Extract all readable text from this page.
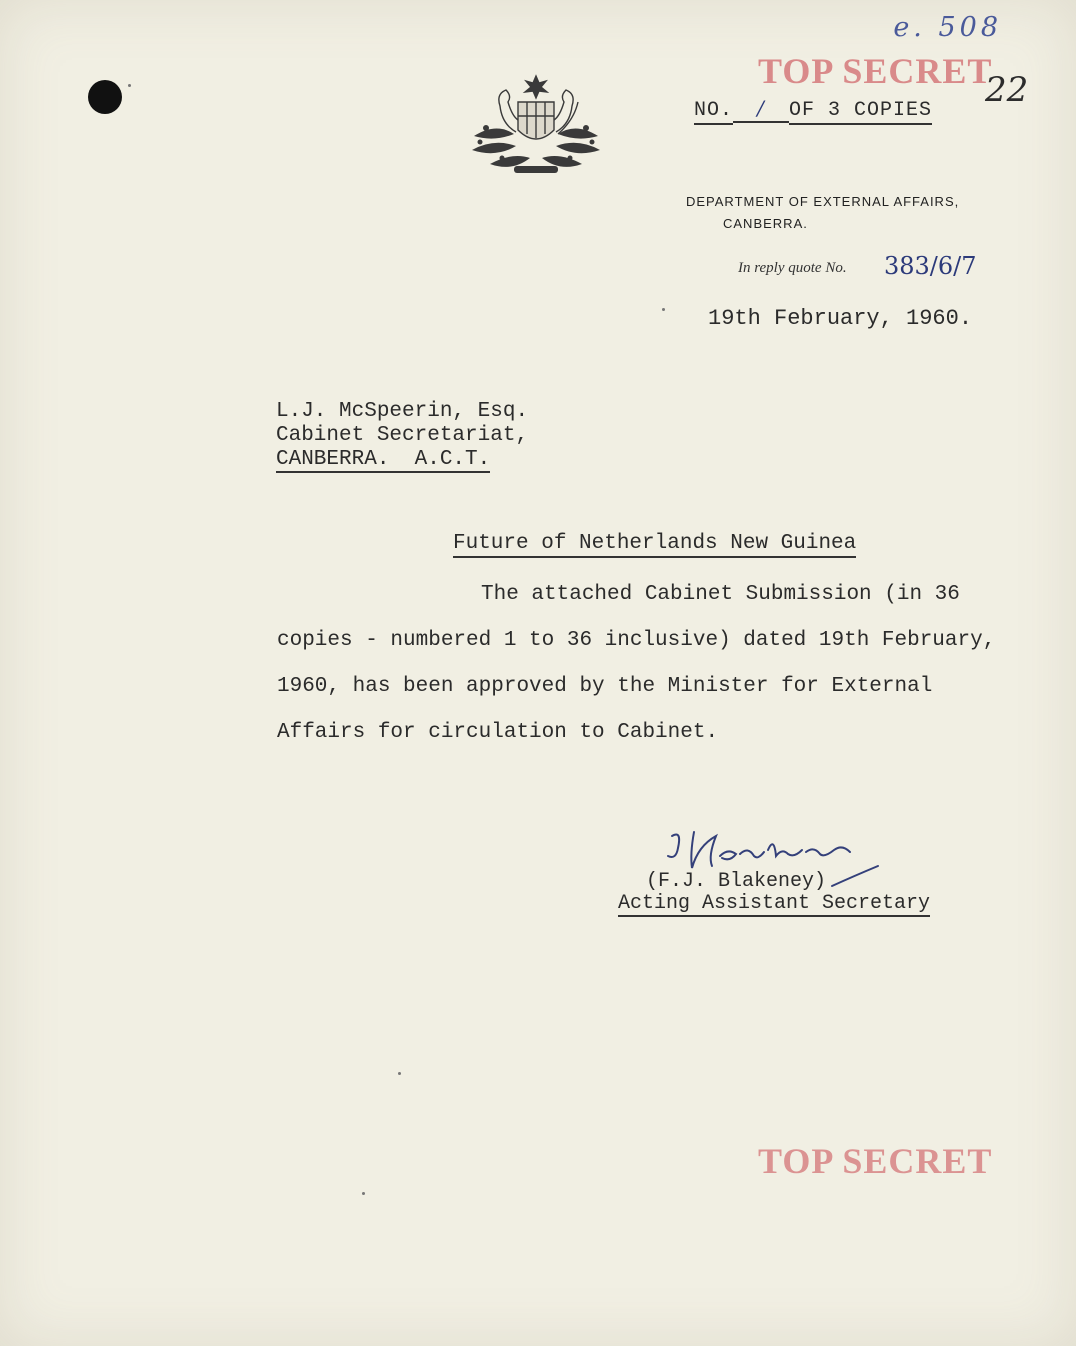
e. 508
22
TOP SECRET
NO. / OF 3 COPIES
DEPARTMENT OF EXTERNAL AFFAIRS,
CANBERRA.
In reply quote No. 383/6/7
19th February, 1960.
L.J. McSpeerin, Esq.
Cabinet Secretariat,
CANBERRA.  A.C.T.
Future of Netherlands New Guinea
The attached Cabinet Submission (in 36 copies - numbered 1 to 36 inclusive) dated 19th February, 1960, has been approved by the Minister for External Affairs for circulation to Cabinet.
(F.J. Blakeney)
Acting Assistant Secretary
TOP SECRET
